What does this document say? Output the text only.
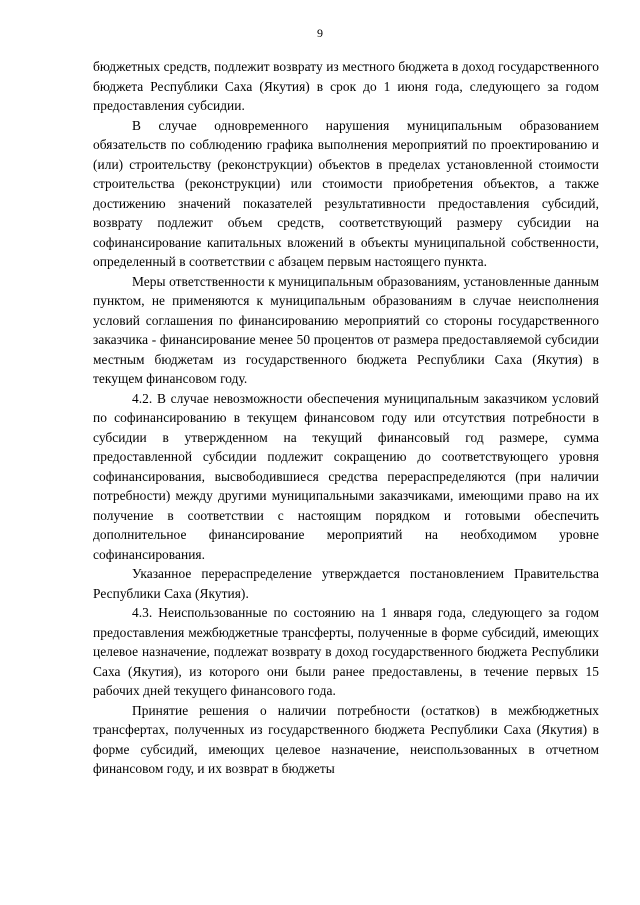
9

бюджетных средств, подлежит возврату из местного бюджета в доход государственного бюджета Республики Саха (Якутия) в срок до 1 июня года, следующего за годом предоставления субсидии.

В случае одновременного нарушения муниципальным образованием обязательств по соблюдению графика выполнения мероприятий по проектированию и (или) строительству (реконструкции) объектов в пределах установленной стоимости строительства (реконструкции) или стоимости приобретения объектов, а также достижению значений показателей результативности предоставления субсидий, возврату подлежит объем средств, соответствующий размеру субсидии на софинансирование капитальных вложений в объекты муниципальной собственности, определенный в соответствии с абзацем первым настоящего пункта.

Меры ответственности к муниципальным образованиям, установленные данным пунктом, не применяются к муниципальным образованиям в случае неисполнения условий соглашения по финансированию мероприятий со стороны государственного заказчика - финансирование менее 50 процентов от размера предоставляемой субсидии местным бюджетам из государственного бюджета Республики Саха (Якутия) в текущем финансовом году.

4.2. В случае невозможности обеспечения муниципальным заказчиком условий по софинансированию в текущем финансовом году или отсутствия потребности в субсидии в утвержденном на текущий финансовый год размере, сумма предоставленной субсидии подлежит сокращению до соответствующего уровня софинансирования, высвободившиеся средства перераспределяются (при наличии потребности) между другими муниципальными заказчиками, имеющими право на их получение в соответствии с настоящим порядком и готовыми обеспечить дополнительное финансирование мероприятий на необходимом уровне софинансирования.

Указанное перераспределение утверждается постановлением Правительства Республики Саха (Якутия).

4.3. Неиспользованные по состоянию на 1 января года, следующего за годом предоставления межбюджетные трансферты, полученные в форме субсидий, имеющих целевое назначение, подлежат возврату в доход государственного бюджета Республики Саха (Якутия), из которого они были ранее предоставлены, в течение первых 15 рабочих дней текущего финансового года.

Принятие решения о наличии потребности (остатков) в межбюджетных трансфертах, полученных из государственного бюджета Республики Саха (Якутия) в форме субсидий, имеющих целевое назначение, неиспользованных в отчетном финансовом году, и их возврат в бюджеты
